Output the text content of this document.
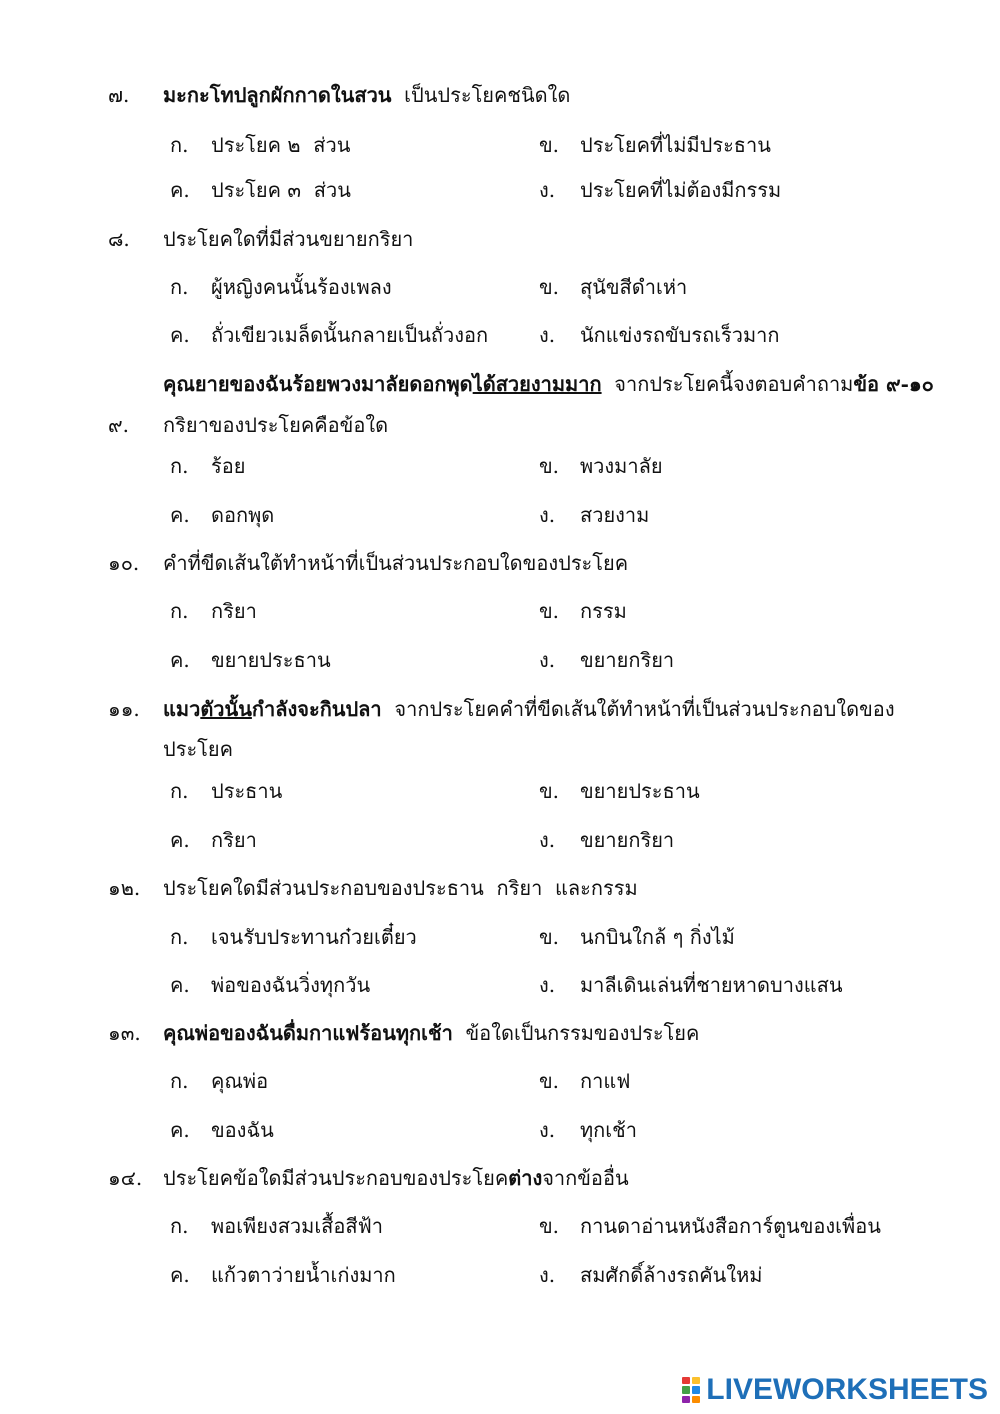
๗.	มะกะโทปลูกผักกาดในสวน  เป็นประโยคชนิดใด
ก. ประโยค ๒  ส่วน	ข. ประโยคที่ไม่มีประธาน
ค. ประโยค ๓  ส่วน	ง. ประโยคที่ไม่ต้องมีกรรม
๘.	ประโยคใดที่มีส่วนขยายกริยา
ก. ผู้หญิงคนนั้นร้องเพลง	ข. สุนัขสีดำเห่า
ค. ถั่วเขียวเมล็ดนั้นกลายเป็นถั่วงอก	ง. นักแข่งรถขับรถเร็วมาก
คุณยายของฉันร้อยพวงมาลัยดอกพุดได้สวยงามมาก  จากประโยคนี้จงตอบคำถามข้อ ๙-๑๐
๙.	กริยาของประโยคคือข้อใด
ก. ร้อย	ข. พวงมาลัย
ค. ดอกพุด	ง. สวยงาม
๑๐.	คำที่ขีดเส้นใต้ทำหน้าที่เป็นส่วนประกอบใดของประโยค
ก. กริยา	ข. กรรม
ค. ขยายประธาน	ง. ขยายกริยา
๑๑.	แมวตัวนั้นกำลังจะกินปลา  จากประโยคคำที่ขีดเส้นใต้ทำหน้าที่เป็นส่วนประกอบใดของ
ประโยค
ก. ประธาน	ข. ขยายประธาน
ค. กริยา	ง. ขยายกริยา
๑๒.	ประโยคใดมีส่วนประกอบของประธาน  กริยา  และกรรม
ก. เจนรับประทานก๋วยเตี๋ยว	ข. นกบินใกล้ ๆ กิ่งไม้
ค. พ่อของฉันวิ่งทุกวัน	ง. มาลีเดินเล่นที่ชายหาดบางแสน
๑๓.	คุณพ่อของฉันดื่มกาแฟร้อนทุกเช้า  ข้อใดเป็นกรรมของประโยค
ก. คุณพ่อ	ข. กาแฟ
ค. ของฉัน	ง. ทุกเช้า
๑๔.	ประโยคข้อใดมีส่วนประกอบของประโยคต่างจากข้ออื่น
ก. พอเพียงสวมเสื้อสีฟ้า	ข. กานดาอ่านหนังสือการ์ตูนของเพื่อน
ค. แก้วตาว่ายน้ำเก่งมาก	ง. สมศักดิ์ล้างรถคันใหม่
LIVEWORKSHEETS
